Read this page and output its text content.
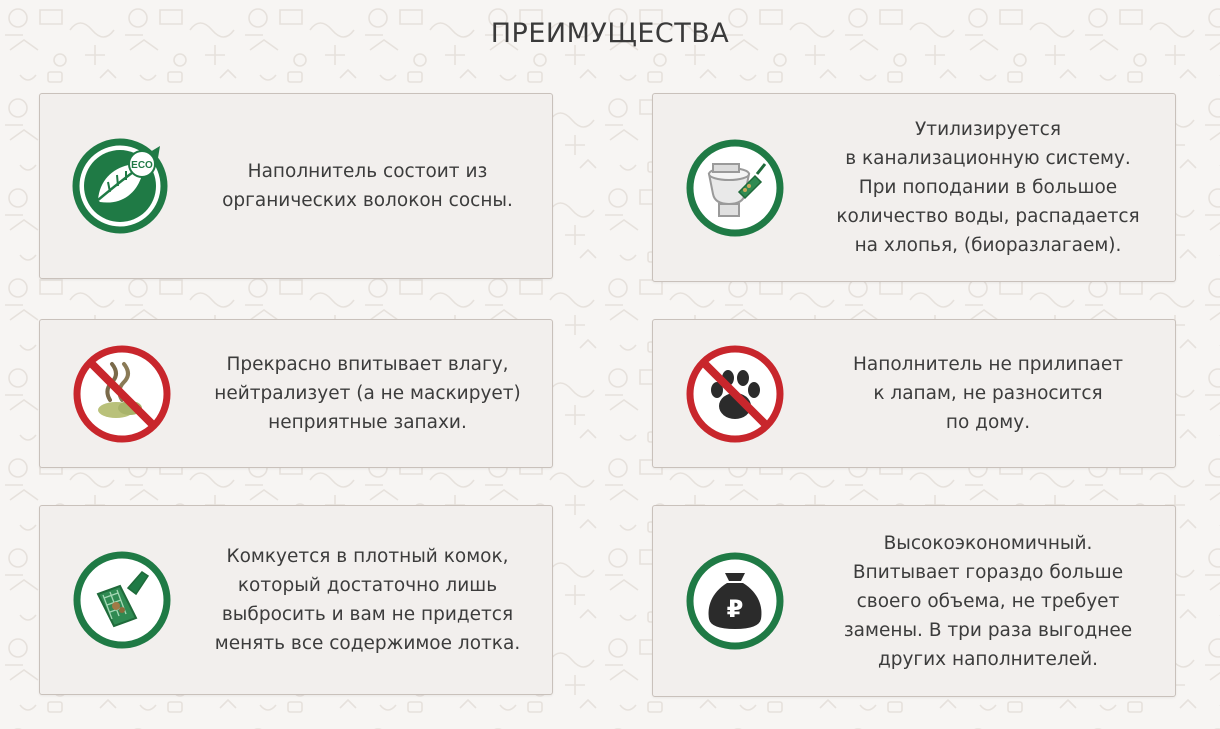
ПРЕИМУЩЕСТВА
ECO	Наполнитель состоит из
органических волокон сосны.
Утилизируется
в канализационную систему.
При поподании в большое
количество воды, распадается
на хлопья, (биоразлагаем).
Прекрасно впитывает влагу,
нейтрализует (а не маскирует)
неприятные запахи.
Наполнитель не прилипает
к лапам, не разносится
по дому.
Комкуется в плотный комок,
который достаточно лишь
выбросить и вам не придется
менять все содержимое лотка.
₽
Высокоэкономичный.
Впитывает гораздо больше
своего объема, не требует
замены. В три раза выгоднее
других наполнителей.
